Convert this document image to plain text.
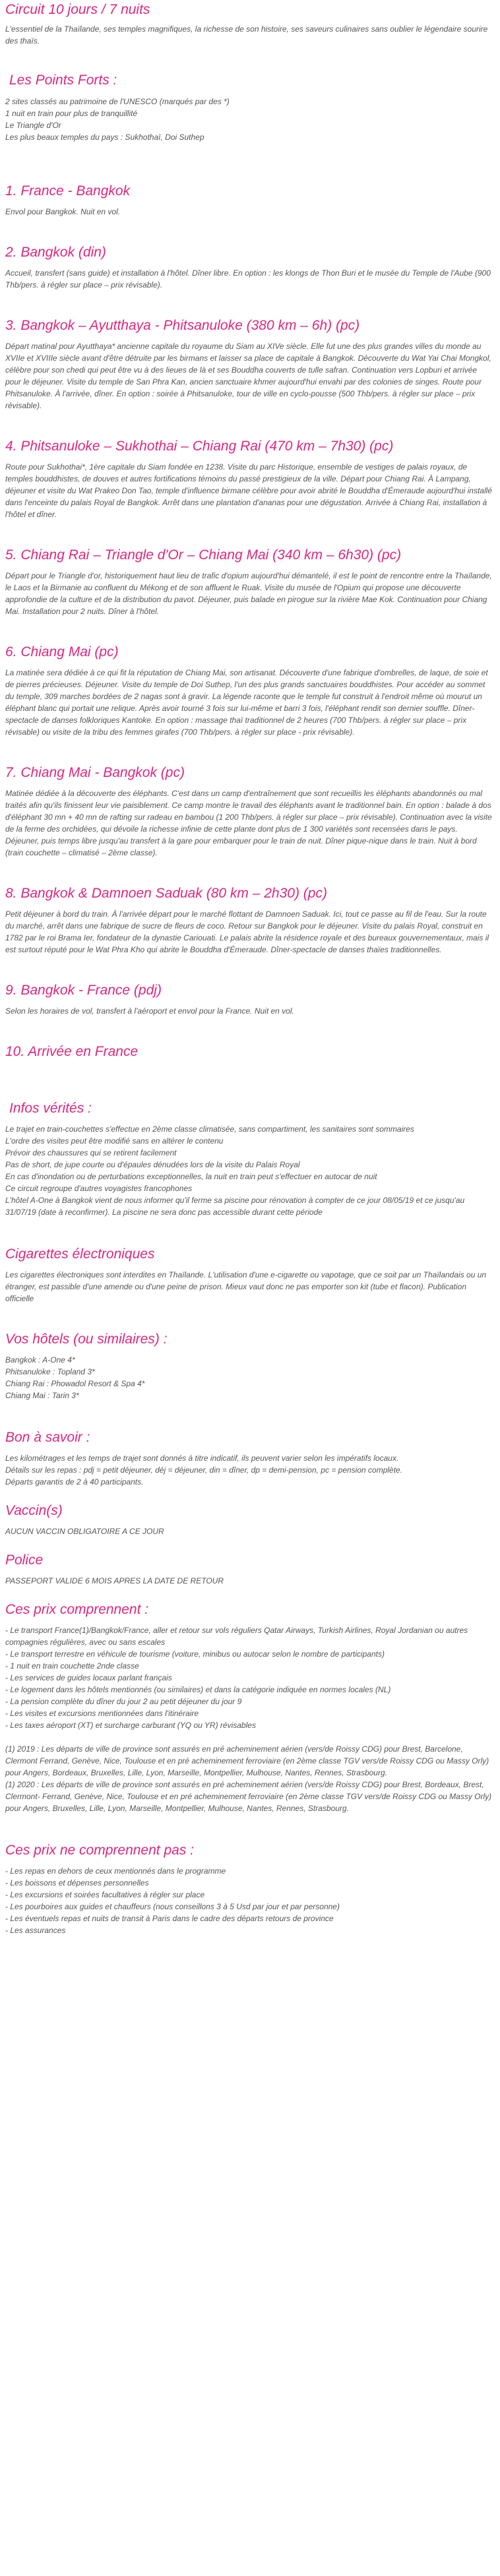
Circuit 10 jours / 7 nuits

L'essentiel de la Thaïlande, ses temples magnifiques, la richesse de son histoire, ses saveurs culinaires sans oublier le légendaire sourire des thaïs.

Les Points Forts :
2 sites classés au patrimoine de l'UNESCO (marqués par des *)
1 nuit en train pour plus de tranquillité
Le Triangle d'Or
Les plus beaux temples du pays : Sukhothaï, Doi Suthep
1. France - Bangkok

Envol pour Bangkok. Nuit en vol.

2. Bangkok (din)

Accueil, transfert (sans guide) et installation à l'hôtel. Dîner libre. En option : les klongs de Thon Buri et le musée du Temple de l'Aube (900 Thb/pers. à régler sur place – prix révisable).

3. Bangkok – Ayutthaya - Phitsanuloke (380 km – 6h) (pc)

Départ matinal pour Ayutthaya* ancienne capitale du royaume du Siam au XIVe siècle. Elle fut une des plus grandes villes du monde au XVIIe et XVIIIe siècle avant d'être détruite par les birmans et laisser sa place de capitale à Bangkok. Découverte du Wat Yai Chai Mongkol, célèbre pour son chedi qui peut être vu à des lieues de là et ses Bouddha couverts de tulle safran. Continuation vers Lopburi et arrivée pour le déjeuner. Visite du temple de San Phra Kan, ancien sanctuaire khmer aujourd'hui envahi par des colonies de singes. Route pour Phitsanuloke. À l'arrivée, dîner. En option : soirée à Phitsanuloke, tour de ville en cyclo-pousse (500 Thb/pers. à régler sur place – prix révisable).

4. Phitsanuloke – Sukhothai – Chiang Rai (470 km – 7h30) (pc)

Route pour Sukhothai*, 1ère capitale du Siam fondée en 1238. Visite du parc Historique, ensemble de vestiges de palais royaux, de temples bouddhistes, de douves et autres fortifications témoins du passé prestigieux de la ville. Départ pour Chiang Rai. À Lampang, déjeuner et visite du Wat Prakeo Don Tao, temple d'influence birmane célèbre pour avoir abrité le Bouddha d'Émeraude aujourd'hui installé dans l'enceinte du palais Royal de Bangkok. Arrêt dans une plantation d'ananas pour une dégustation. Arrivée à Chiang Rai, installation à l'hôtel et dîner.

5. Chiang Rai – Triangle d'Or – Chiang Mai (340 km – 6h30) (pc)

Départ pour le Triangle d'or, historiquement haut lieu de trafic d'opium aujourd'hui démantelé, il est le point de rencontre entre la Thaïlande, le Laos et la Birmanie au confluent du Mékong et de son affluent le Ruak. Visite du musée de l'Opium qui propose une découverte approfondie de la culture et de la distribution du pavot. Déjeuner, puis balade en pirogue sur la rivière Mae Kok. Continuation pour Chiang Mai. Installation pour 2 nuits. Dîner à l'hôtel.

6. Chiang Mai (pc)

La matinée sera dédiée à ce qui fit la réputation de Chiang Mai, son artisanat. Découverte d'une fabrique d'ombrelles, de laque, de soie et de pierres précieuses. Déjeuner. Visite du temple de Doi Suthep, l'un des plus grands sanctuaires bouddhistes. Pour accéder au sommet du temple, 309 marches bordées de 2 nagas sont à gravir. La légende raconte que le temple fut construit à l'endroit même où mourut un éléphant blanc qui portait une relique. Après avoir tourné 3 fois sur lui-même et barri 3 fois, l'éléphant rendit son dernier souffle. Dîner-spectacle de danses folkloriques Kantoke. En option : massage thaï traditionnel de 2 heures (700 Thb/pers. à régler sur place – prix révisable) ou visite de la tribu des femmes girafes (700 Thb/pers. à régler sur place - prix révisable).

7. Chiang Mai - Bangkok (pc)

Matinée dédiée à la découverte des éléphants. C'est dans un camp d'entraînement que sont recueillis les éléphants abandonnés ou mal traités afin qu'ils finissent leur vie paisiblement. Ce camp montre le travail des éléphants avant le traditionnel bain. En option : balade à dos d'éléphant 30 mn + 40 mn de rafting sur radeau en bambou (1 200 Thb/pers. à régler sur place – prix révisable). Continuation avec la visite de la ferme des orchidées, qui dévoile la richesse infinie de cette plante dont plus de 1 300 variétés sont recensées dans le pays. Déjeuner, puis temps libre jusqu'au transfert à la gare pour embarquer pour le train de nuit. Dîner pique-nique dans le train. Nuit à bord (train couchette – climatisé – 2ème classe).

8. Bangkok & Damnoen Saduak (80 km – 2h30) (pc)

Petit déjeuner à bord du train. À l'arrivée départ pour le marché flottant de Damnoen Saduak. Ici, tout ce passe au fil de l'eau. Sur la route du marché, arrêt dans une fabrique de sucre de fleurs de coco. Retour sur Bangkok pour le déjeuner. Visite du palais Royal, construit en 1782 par le roi Brama Ier, fondateur de la dynastie Cariouati. Le palais abrite la résidence royale et des bureaux gouvernementaux, mais il est surtout réputé pour le Wat Phra Kho qui abrite le Bouddha d'Émeraude. Dîner-spectacle de danses thaïes traditionnelles.

9. Bangkok - France (pdj)

Selon les horaires de vol, transfert à l'aéroport et envol pour la France. Nuit en vol.

10. Arrivée en France
Infos vérités :
Le trajet en train-couchettes s'effectue en 2ème classe climatisée, sans compartiment, les sanitaires sont sommaires
L'ordre des visites peut être modifié sans en altérer le contenu
Prévoir des chaussures qui se retirent facilement
Pas de short, de jupe courte ou d'épaules dénudées lors de la visite du Palais Royal
En cas d'inondation ou de perturbations exceptionnelles, la nuit en train peut s'effectuer en autocar de nuit
Ce circuit regroupe d'autres voyagistes francophones
L'hôtel A-One à Bangkok vient de nous informer qu'il ferme sa piscine pour rénovation à compter de ce jour 08/05/19 et ce jusqu'au 31/07/19 (date à reconfirmer). La piscine ne sera donc pas accessible durant cette période
Cigarettes électroniques

Les cigarettes électroniques sont interdites en Thaïlande. L'utilisation d'une e-cigarette ou vapotage, que ce soit par un Thaïlandais ou un étranger, est passible d'une amende ou d'une peine de prison. Mieux vaut donc ne pas emporter son kit (tube et flacon). Publication officielle

Vos hôtels (ou similaires) :
Bangkok : A-One 4*
Phitsanuloke : Topland 3*
Chiang Rai : Phowadol Resort & Spa 4*
Chiang Mai : Tarin 3*
Bon à savoir :
Les kilométrages et les temps de trajet sont donnés à titre indicatif, ils peuvent varier selon les impératifs locaux.
Détails sur les repas : pdj = petit déjeuner, déj = déjeuner, din = dîner, dp = demi-pension, pc = pension complète.
Départs garantis de 2 à 40 participants.
Vaccin(s)

AUCUN VACCIN OBLIGATOIRE A CE JOUR

Police

PASSEPORT VALIDE 6 MOIS APRES LA DATE DE RETOUR

Ces prix comprennent :
- Le transport France(1)/Bangkok/France, aller et retour sur vols réguliers Qatar Airways, Turkish Airlines, Royal Jordanian ou autres compagnies régulières, avec ou sans escales
- Le transport terrestre en véhicule de tourisme (voiture, minibus ou autocar selon le nombre de participants)
- 1 nuit en train couchette 2nde classe
- Les services de guides locaux parlant français
- Le logement dans les hôtels mentionnés (ou similaires) et dans la catégorie indiquée en normes locales (NL)
- La pension complète du dîner du jour 2 au petit déjeuner du jour 9
- Les visites et excursions mentionnées dans l'itinéraire
- Les taxes aéroport (XT) et surcharge carburant (YQ ou YR) révisables

(1) 2019 : Les départs de ville de province sont assurés en pré acheminement aérien (vers/de Roissy CDG) pour Brest, Barcelone, Clermont Ferrand, Genève, Nice, Toulouse et en pré acheminement ferroviaire (en 2ème classe TGV vers/de Roissy CDG ou Massy Orly) pour Angers, Bordeaux, Bruxelles, Lille, Lyon, Marseille, Montpellier, Mulhouse, Nantes, Rennes, Strasbourg.

(1) 2020 : Les départs de ville de province sont assurés en pré acheminement aérien (vers/de Roissy CDG) pour Brest, Bordeaux, Brest, Clermont- Ferrand, Genève, Nice, Toulouse et en pré acheminement ferroviaire (en 2ème classe TGV vers/de Roissy CDG ou Massy Orly) pour Angers, Bruxelles, Lille, Lyon, Marseille, Montpellier, Mulhouse, Nantes, Rennes, Strasbourg.

Ces prix ne comprennent pas :
- Les repas en dehors de ceux mentionnés dans le programme
- Les boissons et dépenses personnelles
- Les excursions et soirées facultatives à régler sur place
- Les pourboires aux guides et chauffeurs (nous conseillons 3 à 5 Usd par jour et par personne)
- Les éventuels repas et nuits de transit à Paris dans le cadre des départs retours de province
- Les assurances
